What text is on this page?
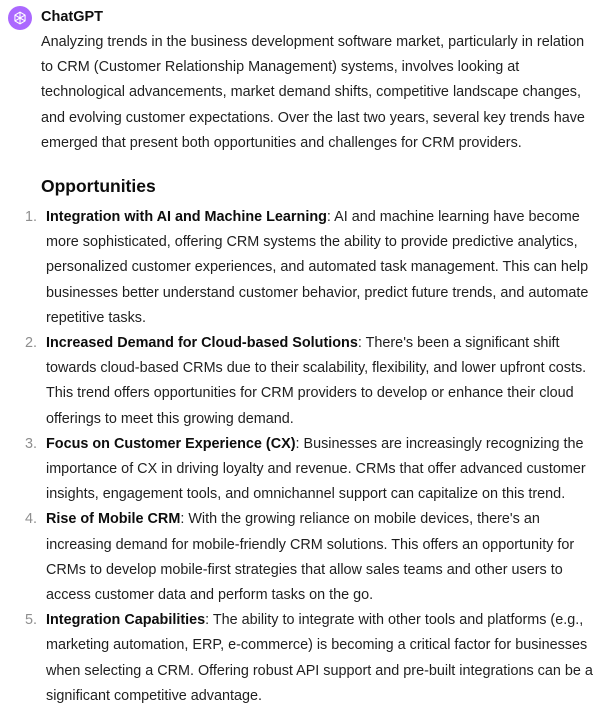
ChatGPT

Analyzing trends in the business development software market, particularly in relation to CRM (Customer Relationship Management) systems, involves looking at technological advancements, market demand shifts, competitive landscape changes, and evolving customer expectations. Over the last two years, several key trends have emerged that present both opportunities and challenges for CRM providers.

Opportunities
1. Integration with AI and Machine Learning: AI and machine learning have become more sophisticated, offering CRM systems the ability to provide predictive analytics, personalized customer experiences, and automated task management. This can help businesses better understand customer behavior, predict future trends, and automate repetitive tasks.
2. Increased Demand for Cloud-based Solutions: There's been a significant shift towards cloud-based CRMs due to their scalability, flexibility, and lower upfront costs. This trend offers opportunities for CRM providers to develop or enhance their cloud offerings to meet this growing demand.
3. Focus on Customer Experience (CX): Businesses are increasingly recognizing the importance of CX in driving loyalty and revenue. CRMs that offer advanced customer insights, engagement tools, and omnichannel support can capitalize on this trend.
4. Rise of Mobile CRM: With the growing reliance on mobile devices, there's an increasing demand for mobile-friendly CRM solutions. This offers an opportunity for CRMs to develop mobile-first strategies that allow sales teams and other users to access customer data and perform tasks on the go.
5. Integration Capabilities: The ability to integrate with other tools and platforms (e.g., marketing automation, ERP, e-commerce) is becoming a critical factor for businesses when selecting a CRM. Offering robust API support and pre-built integrations can be a significant competitive advantage.
